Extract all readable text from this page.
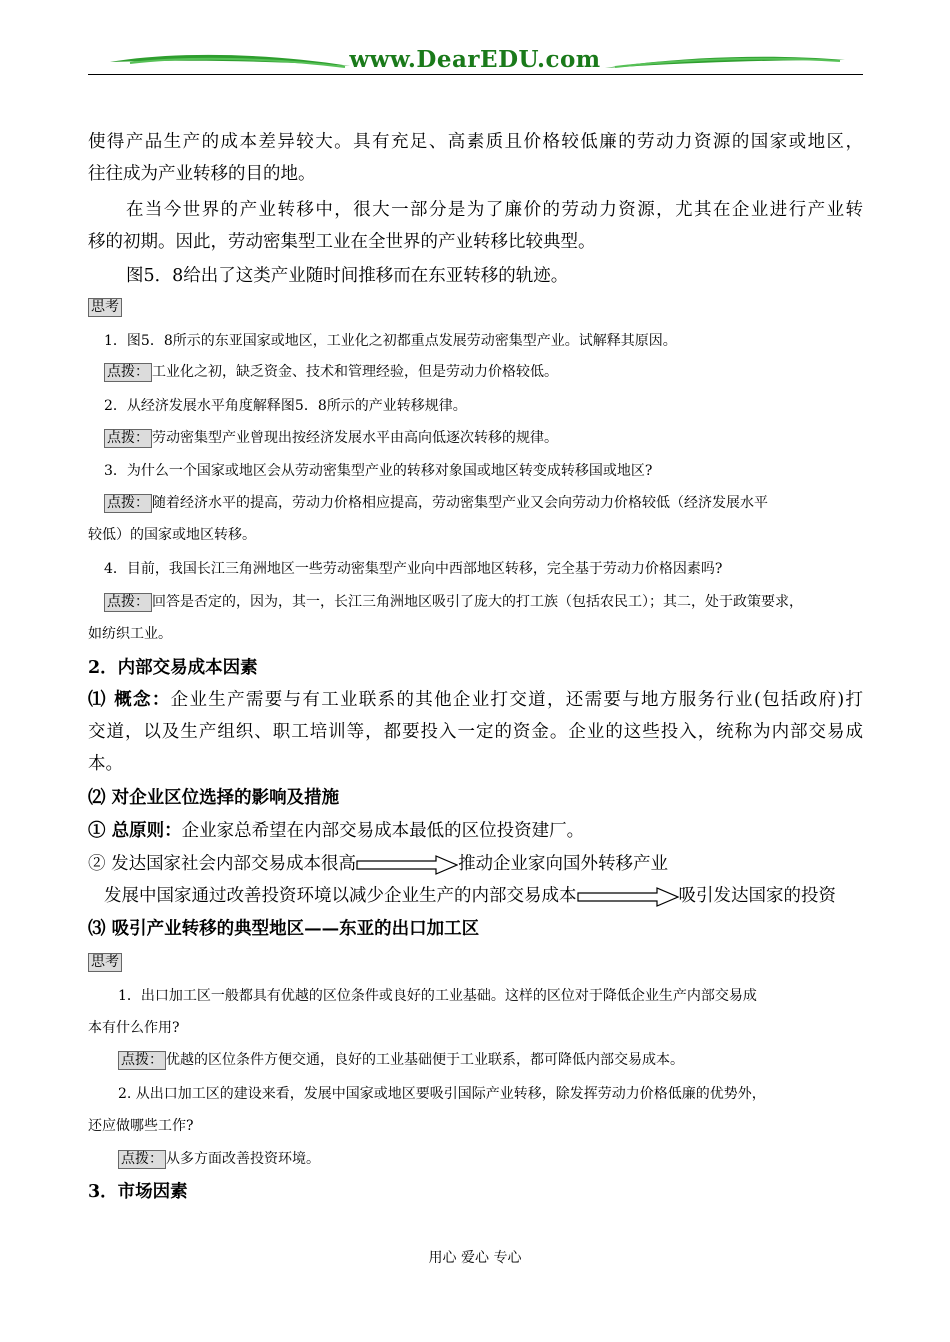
www.DearEDU.com
使得产品生产的成本差异较大。具有充足、高素质且价格较低廉的劳动力资源的国家或地区，
往往成为产业转移的目的地。
在当今世界的产业转移中，很大一部分是为了廉价的劳动力资源，尤其在企业进行产业转
移的初期。因此，劳动密集型工业在全世界的产业转移比较典型。
图5．8给出了这类产业随时间推移而在东亚转移的轨迹。
思考
1．图5．8所示的东亚国家或地区，工业化之初都重点发展劳动密集型产业。试解释其原因。
点拨： 工业化之初，缺乏资金、技术和管理经验，但是劳动力价格较低。
2．从经济发展水平角度解释图5．8所示的产业转移规律。
点拨： 劳动密集型产业曾现出按经济发展水平由高向低逐次转移的规律。
3．为什么一个国家或地区会从劳动密集型产业的转移对象国或地区转变成转移国或地区?
点拨： 随着经济水平的提高，劳动力价格相应提高，劳动密集型产业又会向劳动力价格较低（经济发展水平
较低）的国家或地区转移。
4．目前，我国长江三角洲地区一些劳动密集型产业向中西部地区转移，完全基于劳动力价格因素吗?
点拨： 回答是否定的，因为，其一，长江三角洲地区吸引了庞大的打工族（包括农民工）；其二，处于政策要求，
如纺织工业。
2．内部交易成本因素
⑴ 概念：企业生产需要与有工业联系的其他企业打交道，还需要与地方服务行业(包括政府)打
交道，以及生产组织、职工培训等，都要投入一定的资金。企业的这些投入，统称为内部交易成
本。
⑵ 对企业区位选择的影响及措施
① 总原则：企业家总希望在内部交易成本最低的区位投资建厂。
② 发达国家社会内部交易成本很高	推动企业家向国外转移产业
发展中国家通过改善投资环境以减少企业生产的内部交易成本	吸引发达国家的投资
⑶ 吸引产业转移的典型地区——东亚的出口加工区
思考
1．出口加工区一般都具有优越的区位条件或良好的工业基础。这样的区位对于降低企业生产内部交易成
本有什么作用?
点拨： 优越的区位条件方便交通，良好的工业基础便于工业联系，都可降低内部交易成本。
2. 从出口加工区的建设来看，发展中国家或地区要吸引国际产业转移，除发挥劳动力价格低廉的优势外，
还应做哪些工作?
点拨： 从多方面改善投资环境。
3．市场因素
用心 爱心 专心
